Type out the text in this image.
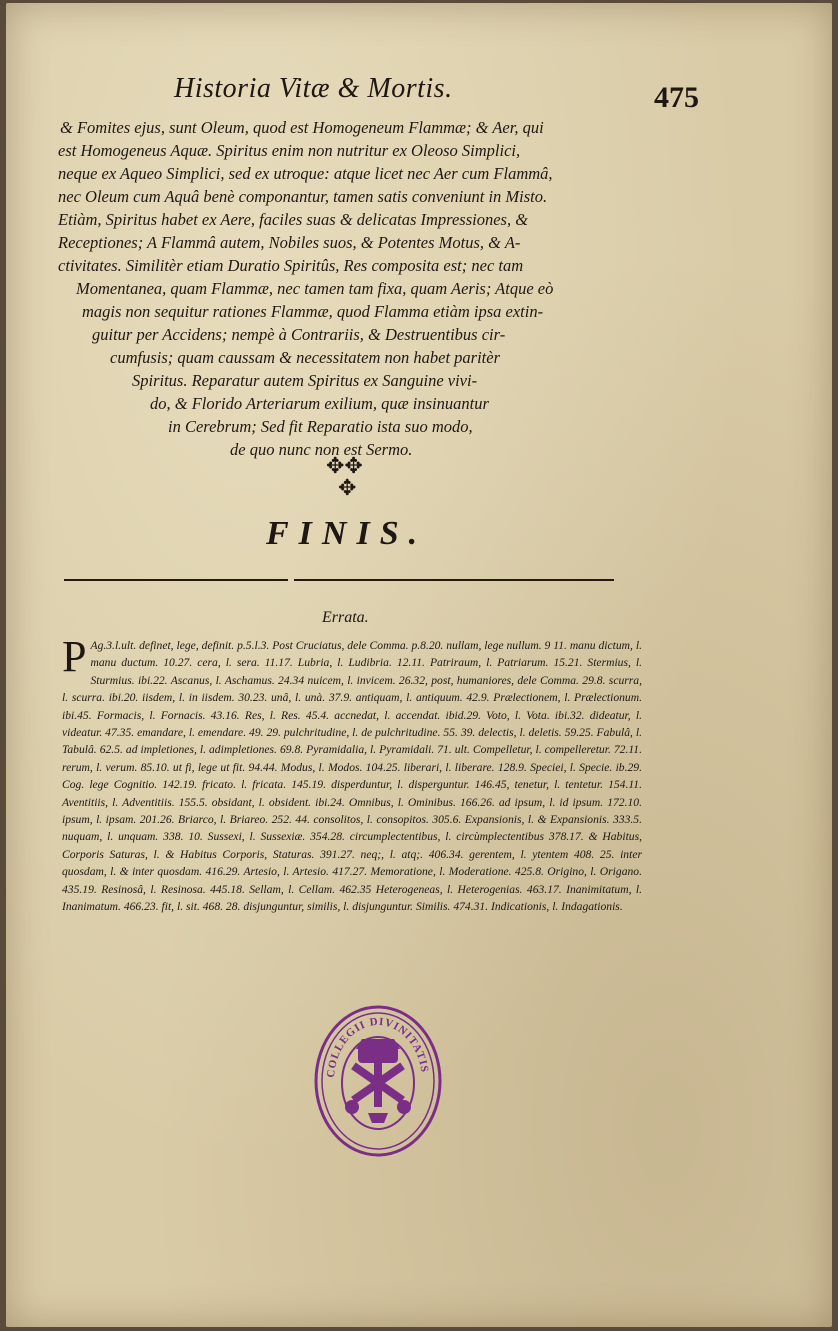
Historia Vitæ & Mortis.	475
& Fomites ejus, sunt Oleum, quod est Homogeneum Flammæ; & Aer, qui
est Homogeneus Aquæ. Spiritus enim non nutritur ex Oleoso Simplici,
neque ex Aqueo Simplici, sed ex utroque: atque licet nec Aer cum Flammâ,
nec Oleum cum Aquâ benè componantur, tamen satis conveniunt in Misto.
Etiàm, Spiritus habet ex Aere, faciles suas & delicatas Impressiones, &
Receptiones; A Flammâ autem, Nobiles suos, & Potentes Motus, & A-
ctivitates. Similitèr etiam Duratio Spiritûs, Res composita est; nec tam
Momentanea, quam Flammæ, nec tamen tam fixa, quam Aeris; Atque eò
magis non sequitur rationes Flammæ, quod Flamma etiàm ipsa extin-
guitur per Accidens; nempè à Contrariis, & Destruentibus cir-
cumfusis; quam caussam & necessitatem non habet paritèr
Spiritus. Reparatur autem Spiritus ex Sanguine vivi-
do, & Florido Arteriarum exilium, quæ insinuantur
in Cerebrum; Sed fit Reparatio ista suo modo,
de quo nunc non est Sermo.
✥✥
✥
FINIS.
Errata.
P Ag.3.l.ult. definet, lege, definit. p.5.l.3. Post Cruciatus, dele Comma. p.8.20. nullam, lege nullum. 9 11. manu dictum, l. manu ductum. 10.27. cera, l. sera. 11.17. Lubria, l. Ludibria. 12.11. Patriraum, l. Patriarum. 15.21. Stermius, l. Sturmius. ibi.22. Ascanus, l. Aschamus. 24.34 nuicem, l. invicem. 26.32, post, humaniores, dele Comma. 29.8. scurra, l. scurra. ibi.20. iisdem, l. in iisdem. 30.23. unâ, l. unà. 37.9. antiquam, l. antiquum. 42.9. Prælectionem, l. Prælectionum. ibi.45. Formacis, l. Fornacis. 43.16. Res, l. Res. 45.4. accnedat, l. accendat. ibid.29. Voto, l. Vota. ibi.32. dideatur, l. videatur. 47.35. emandare, l. emendare. 49. 29. pulchritudine, l. de pulchritudine. 55. 39. delectis, l. deletis. 59.25. Fabulâ, l. Tabulâ. 62.5. ad impletiones, l. adimpletiones. 69.8. Pyramidalia, l. Pyramidali. 71. ult. Compelletur, l. compelleretur. 72.11. rerum, l. verum. 85.10. ut fi, lege ut fit. 94.44. Modus, l. Modos. 104.25. liberari, l. liberare. 128.9. Speciei, l. Specie. ib.29. Cog. lege Cognitio. 142.19. fricato. l. fricata. 145.19. disperduntur, l. disperguntur. 146.45, tenetur, l. tentetur. 154.11. Aventitiis, l. Adventitiis. 155.5. obsidant, l. obsident. ibi.24. Omnibus, l. Ominibus. 166.26. ad ipsum, l. id ipsum. 172.10. ipsum, l. ipsam. 201.26. Briarco, l. Briareo. 252. 44. consolitos, l. consopitos. 305.6. Expansionis, l. & Expansionis. 333.5. nuquam, l. unquam. 338. 10. Sussexi, l. Sussexiæ. 354.28. circumplectentibus, l. circùmplectentibus 378.17. & Habitus, Corporis Saturas, l. & Habitus Corporis, Staturas. 391.27. neq;, l. atq;. 406.34. gerentem, l. ytentem 408. 25. inter quosdam, l. & inter quosdam. 416.29. Artesio, l. Artesio. 417.27. Memoratione, l. Moderatione. 425.8. Origino, l. Origano. 435.19. Resinosâ, l. Resinosa. 445.18. Sellam, l. Cellam. 462.35 Heterogeneas, l. Heterogenias. 463.17. Inanimitatum, l. Inanimatum. 466.23. fit, l. sit. 468. 28. disjunguntur, similis, l. disjunguntur. Similis. 474.31. Indicationis, l. Indagationis.
COLLEGII DIVINITATIS
